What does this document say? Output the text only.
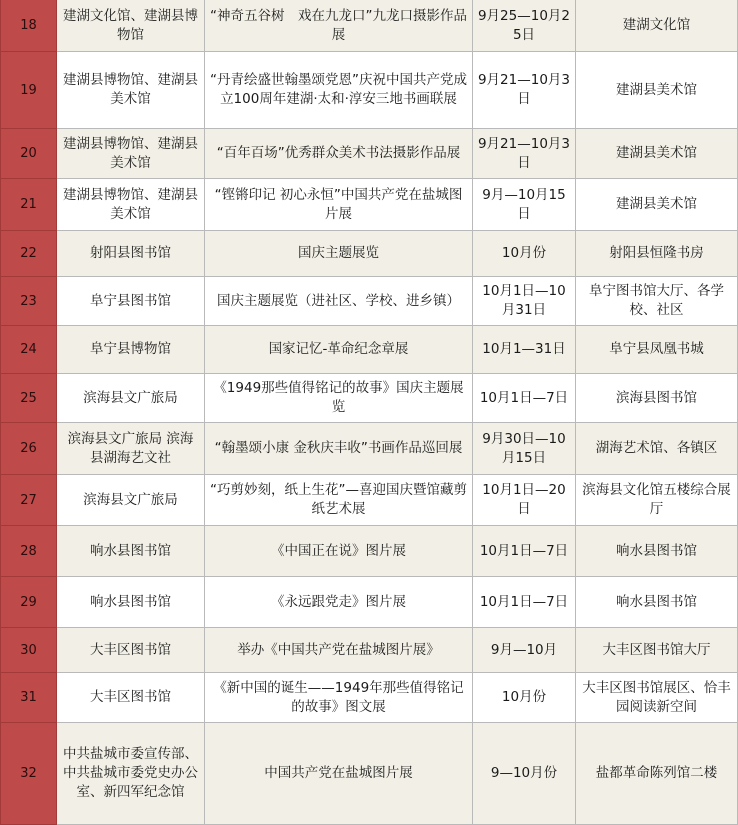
18	建湖文化馆、建湖县博物馆	“神奇五谷树　戏在九龙口”九龙口摄影作品展	9月25—10月25日	建湖文化馆
19	建湖县博物馆、建湖县美术馆	“丹青绘盛世翰墨颂党恩”庆祝中国共产党成立100周年建湖·太和·淳安三地书画联展	9月21—10月3日	建湖县美术馆
20	建湖县博物馆、建湖县美术馆	“百年百场”优秀群众美术书法摄影作品展	9月21—10月3日	建湖县美术馆
21	建湖县博物馆、建湖县美术馆	“铿锵印记 初心永恒”中国共产党在盐城图片展	9月—10月15日	建湖县美术馆
22	射阳县图书馆	国庆主题展览	10月份	射阳县恒隆书房
23	阜宁县图书馆	国庆主题展览（进社区、学校、进乡镇）	10月1日—10月31日	阜宁图书馆大厅、各学校、社区
24	阜宁县博物馆	国家记忆-革命纪念章展	10月1—31日	阜宁县凤凰书城
25	滨海县文广旅局	《1949那些值得铭记的故事》国庆主题展览	10月1日—7日	滨海县图书馆
26	滨海县文广旅局 滨海县湖海艺文社	“翰墨颂小康 金秋庆丰收”书画作品巡回展	9月30日—10月15日	湖海艺术馆、各镇区
27	滨海县文广旅局	“巧剪妙刻，纸上生花”—喜迎国庆暨馆藏剪纸艺术展	10月1日—20日	滨海县文化馆五楼综合展厅
28	响水县图书馆	《中国正在说》图片展	10月1日—7日	响水县图书馆
29	响水县图书馆	《永远跟党走》图片展	10月1日—7日	响水县图书馆
30	大丰区图书馆	举办《中国共产党在盐城图片展》	9月—10月	大丰区图书馆大厅
31	大丰区图书馆	《新中国的诞生——1949年那些值得铭记的故事》图文展	10月份	大丰区图书馆展区、恰丰园阅读新空间
32	中共盐城市委宣传部、中共盐城市委党史办公室、新四军纪念馆	中国共产党在盐城图片展	9—10月份	盐都革命陈列馆二楼
